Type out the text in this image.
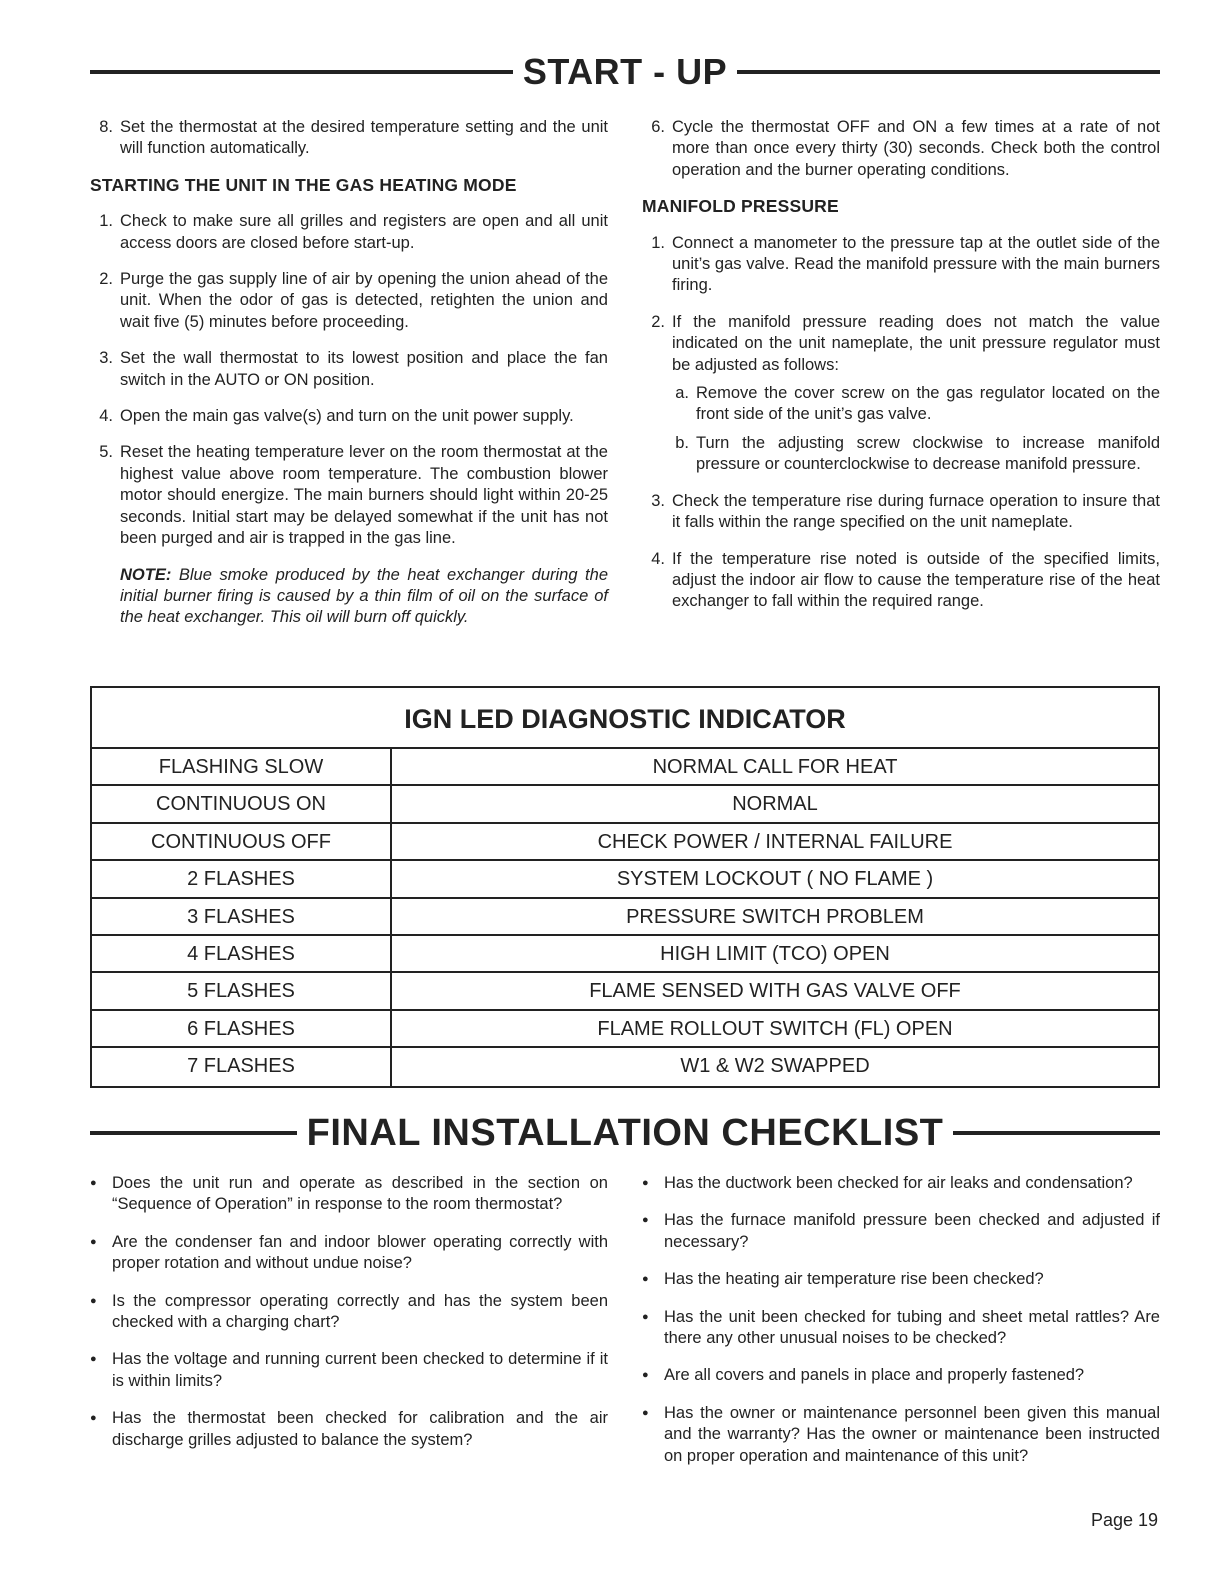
START - UP
8. Set the thermostat at the desired temperature setting and the unit will function automatically.
STARTING THE UNIT IN THE GAS HEATING MODE
1. Check to make sure all grilles and registers are open and all unit access doors are closed before start-up.
2. Purge the gas supply line of air by opening the union ahead of the unit. When the odor of gas is detected, retighten the union and wait five (5) minutes before proceeding.
3. Set the wall thermostat to its lowest position and place the fan switch in the AUTO or ON position.
4. Open the main gas valve(s) and turn on the unit power supply.
5. Reset the heating temperature lever on the room thermostat at the highest value above room temperature. The combustion blower motor should energize. The main burners should light within 20-25 seconds. Initial start may be delayed somewhat if the unit has not been purged and air is trapped in the gas line.
NOTE: Blue smoke produced by the heat exchanger during the initial burner firing is caused by a thin film of oil on the surface of the heat exchanger. This oil will burn off quickly.
6. Cycle the thermostat OFF and ON a few times at a rate of not more than once every thirty (30) seconds. Check both the control operation and the burner operating conditions.
MANIFOLD PRESSURE
1. Connect a manometer to the pressure tap at the outlet side of the unit’s gas valve. Read the manifold pressure with the main burners firing.
2. If the manifold pressure reading does not match the value indicated on the unit nameplate, the unit pressure regulator must be adjusted as follows:
a. Remove the cover screw on the gas regulator located on the front side of the unit’s gas valve.
b. Turn the adjusting screw clockwise to increase manifold pressure or counterclockwise to decrease manifold pressure.
3. Check the temperature rise during furnace operation to insure that it falls within the range specified on the unit nameplate.
4. If the temperature rise noted is outside of the specified limits, adjust the indoor air flow to cause the temperature rise of the heat exchanger to fall within the required range.
IGN LED DIAGNOSTIC INDICATOR
FLASHING SLOW	NORMAL CALL FOR HEAT
CONTINUOUS ON	NORMAL
CONTINUOUS OFF	CHECK POWER / INTERNAL FAILURE
2 FLASHES	SYSTEM LOCKOUT ( NO FLAME )
3 FLASHES	PRESSURE SWITCH PROBLEM
4 FLASHES	HIGH LIMIT (TCO) OPEN
5 FLASHES	FLAME SENSED WITH GAS VALVE OFF
6 FLASHES	FLAME ROLLOUT SWITCH (FL) OPEN
7 FLASHES	W1 & W2 SWAPPED
FINAL INSTALLATION CHECKLIST
● Does the unit run and operate as described in the section on “Sequence of Operation” in response to the room thermostat?
● Are the condenser fan and indoor blower operating correctly with proper rotation and without undue noise?
● Is the compressor operating correctly and has the system been checked with a charging chart?
● Has the voltage and running current been checked to determine if it is within limits?
● Has the thermostat been checked for calibration and the air discharge grilles adjusted to balance the system?
● Has the ductwork been checked for air leaks and condensation?
● Has the furnace manifold pressure been checked and adjusted if necessary?
● Has the heating air temperature rise been checked?
● Has the unit been checked for tubing and sheet metal rattles? Are there any other unusual noises to be checked?
● Are all covers and panels in place and properly fastened?
● Has the owner or maintenance personnel been given this manual and the warranty? Has the owner or maintenance been instructed on proper operation and maintenance of this unit?
Page 19
